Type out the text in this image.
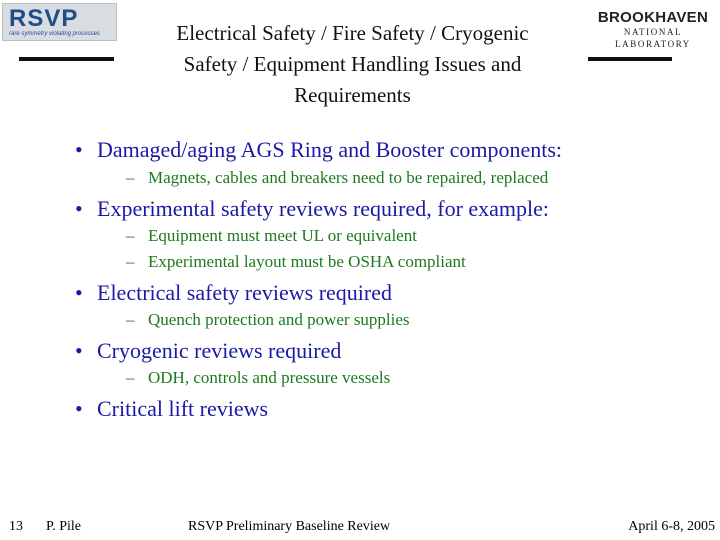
RSVP
rare symmetry violating processes
BROOKHAVEN
NATIONAL LABORATORY
Electrical Safety / Fire Safety / Cryogenic
Safety / Equipment Handling Issues and
Requirements
• Damaged/aging AGS Ring and Booster components:
– Magnets, cables and breakers need to be repaired, replaced
• Experimental safety reviews required, for example:
– Equipment must meet UL or equivalent
– Experimental layout must be OSHA compliant
• Electrical safety reviews required
– Quench protection and power supplies
• Cryogenic reviews required
– ODH, controls and pressure vessels
• Critical lift reviews
13 P. Pile	RSVP Preliminary Baseline Review	April 6-8, 2005
